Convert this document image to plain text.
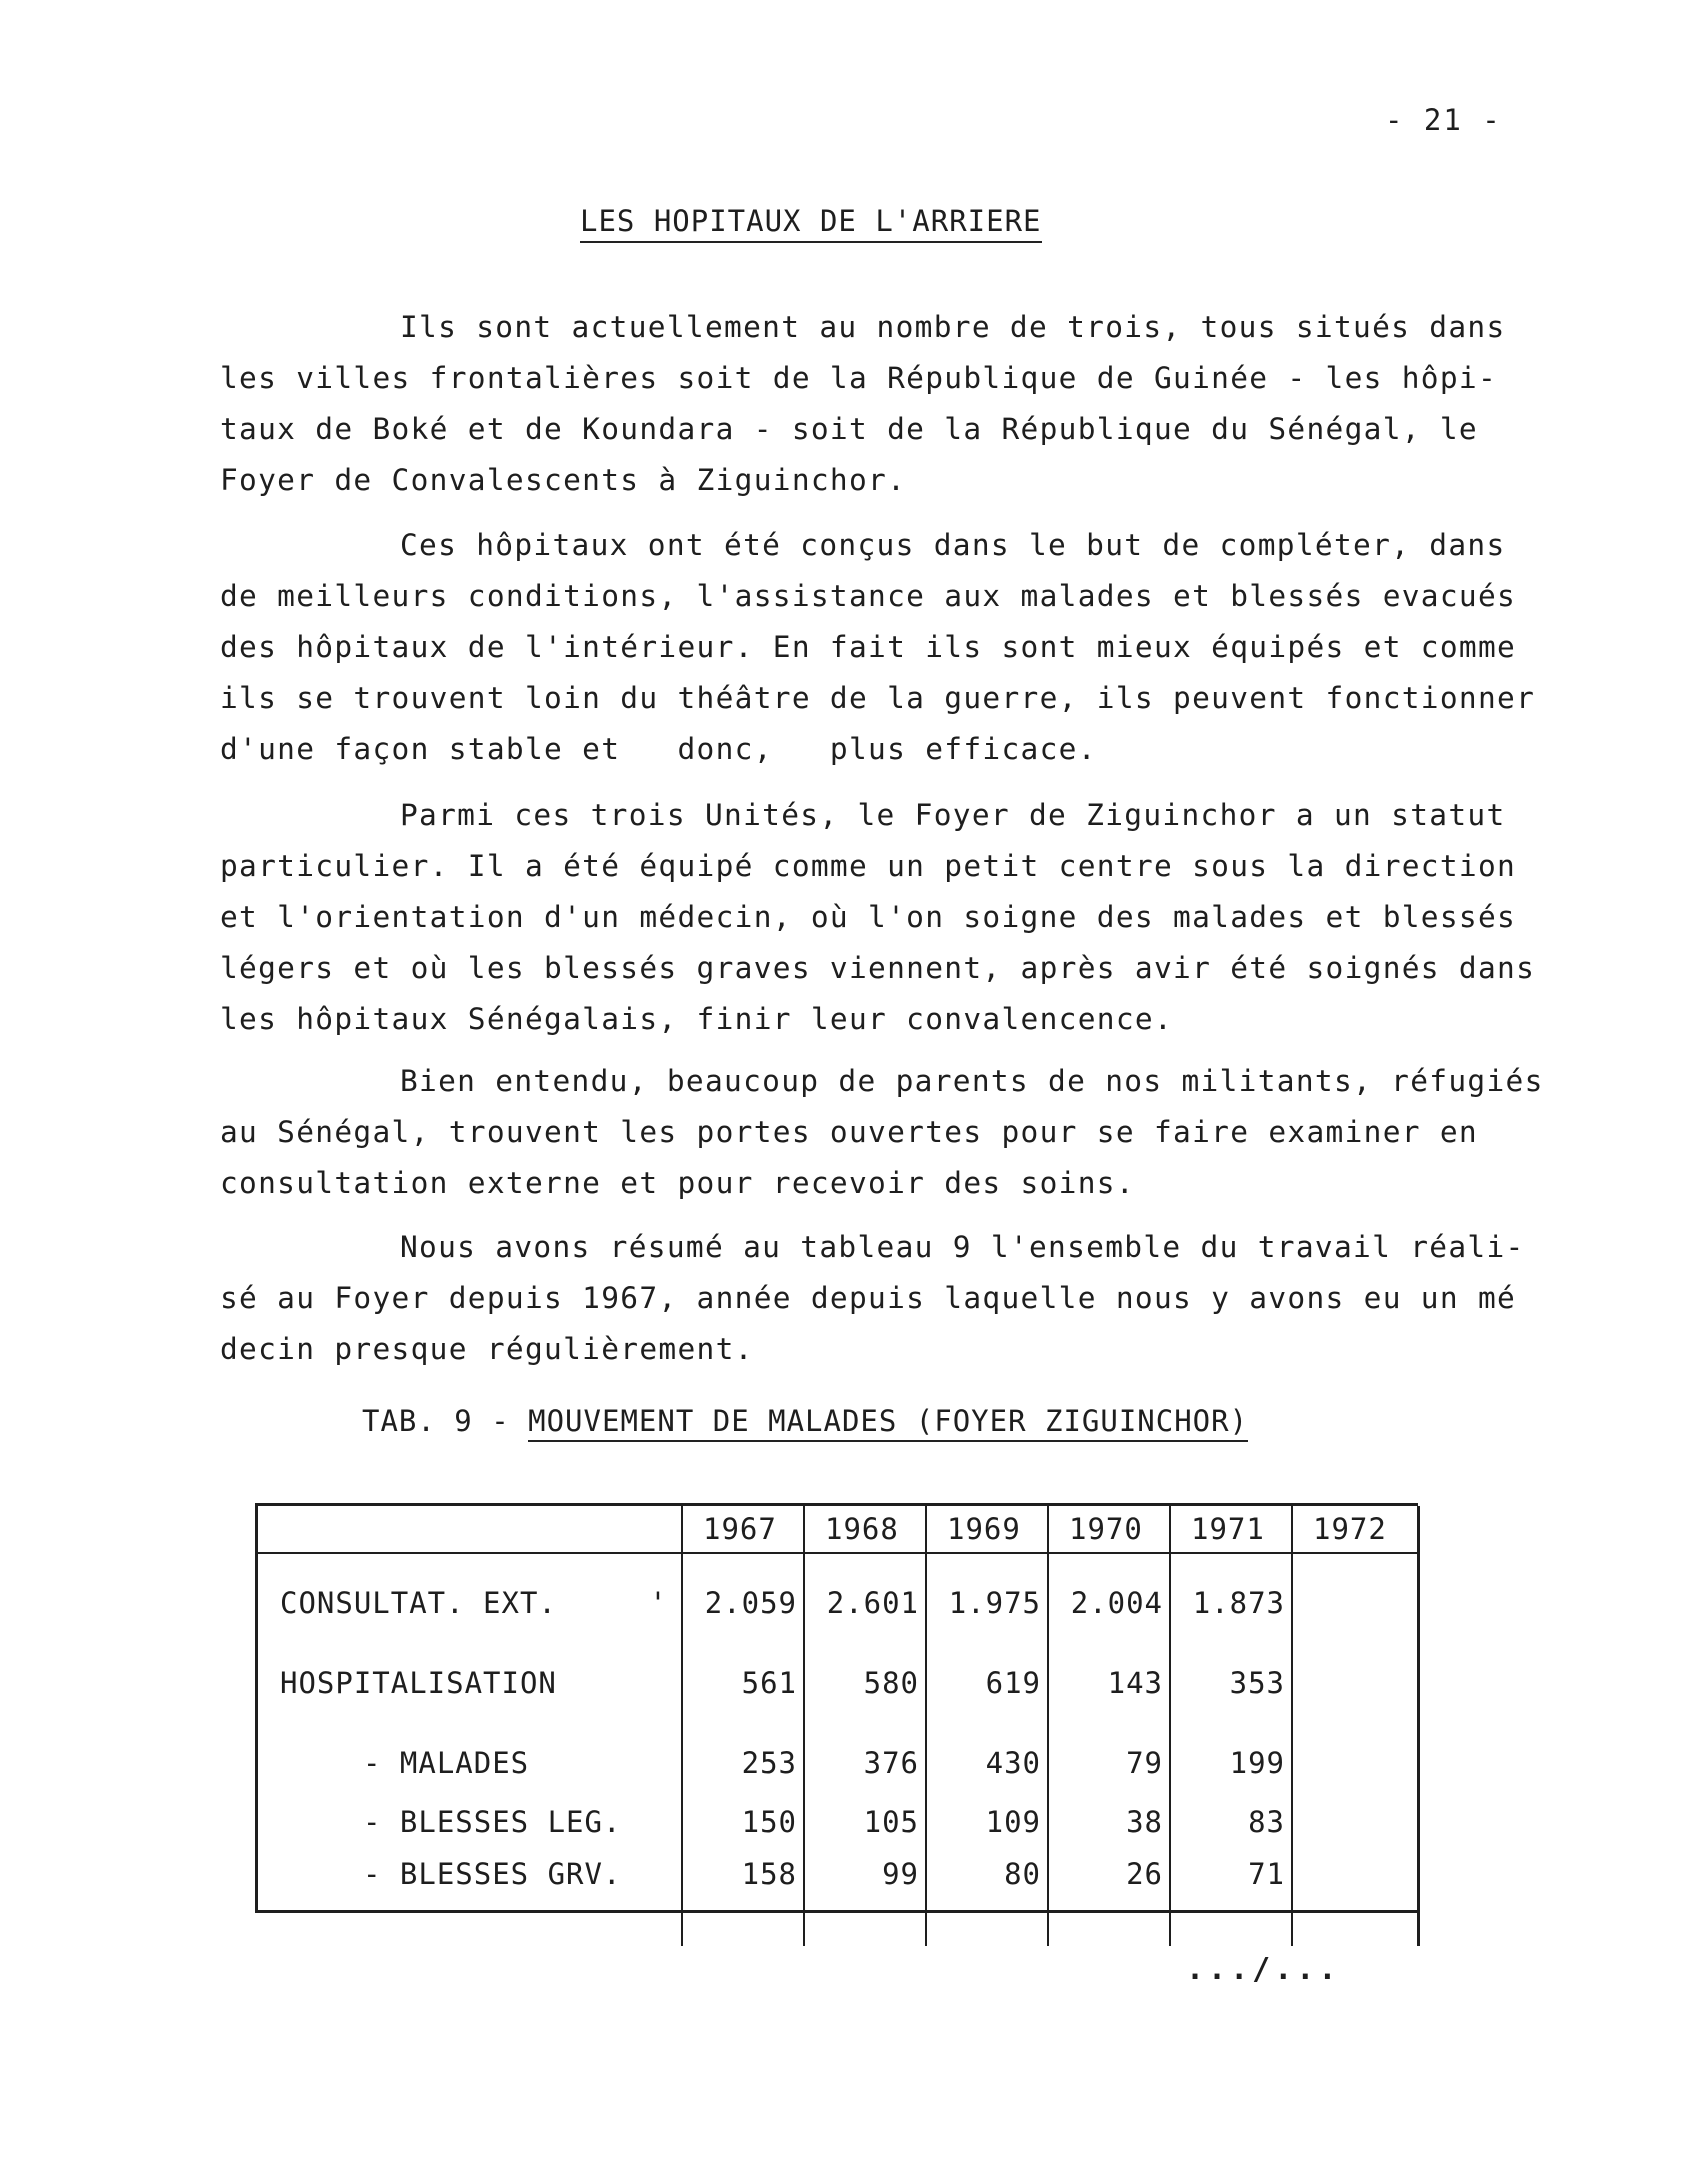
- 21 -
LES HOPITAUX DE L'ARRIERE
Ils sont actuellement au nombre de trois, tous situés dans
les villes frontalières soit de la République de Guinée - les hôpi-
taux de Boké et de Koundara - soit de la République du Sénégal, le
Foyer de Convalescents à Ziguinchor.
Ces hôpitaux ont été conçus dans le but de compléter, dans
de meilleurs conditions, l'assistance aux malades et blessés evacués
des hôpitaux de l'intérieur. En fait ils sont mieux équipés et comme
ils se trouvent loin du théâtre de la guerre, ils peuvent fonctionner
d'une façon stable et   donc,   plus efficace.
Parmi ces trois Unités, le Foyer de Ziguinchor a un statut
particulier. Il a été équipé comme un petit centre sous la direction
et l'orientation d'un médecin, où l'on soigne des malades et blessés
légers et où les blessés graves viennent, après avir été soignés dans
les hôpitaux Sénégalais, finir leur convalencence.
Bien entendu, beaucoup de parents de nos militants, réfugiés
au Sénégal, trouvent les portes ouvertes pour se faire examiner en
consultation externe et pour recevoir des soins.
Nous avons résumé au tableau 9 l'ensemble du travail réali-
sé au Foyer depuis 1967, année depuis laquelle nous y avons eu un mé
decin presque régulièrement.
TAB. 9 - MOUVEMENT DE MALADES (FOYER ZIGUINCHOR)
	1967	1968	1969	1970	1971	1972
CONSULTAT. EXT.     '	2.059	2.601	1.975	2.004	1.873	
HOSPITALISATION	561	580	619	143	353	
- MALADES	253	376	430	79	199	
- BLESSES LEG.	150	105	109	38	83	
- BLESSES GRV.	158	99	80	26	71	

.../...
